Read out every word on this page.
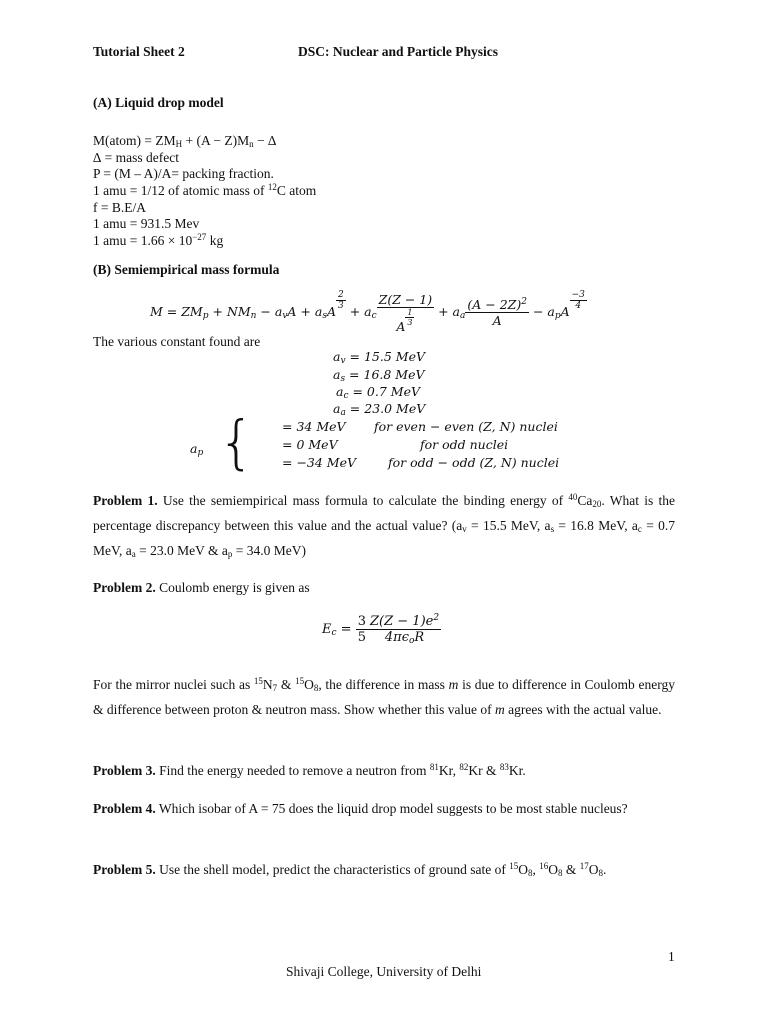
Tutorial Sheet 2	DSC: Nuclear and Particle Physics
(A) Liquid drop model
M(atom) = $ZM_H + (A - Z)M_n$ − ∆
∆ = mass defect
P = (M – A)/A= packing fraction.
1 amu = 1/12 of atomic mass of $^{12}$C atom
f = B.E/A
1 amu = 931.5 Mev
1 amu = $1.66 \times 10^{-27}$ kg
(B) Semiempirical mass formula
$M = ZM_p + NM_n - a_vA + a_sA$
$\frac{2}{3}$
+ $a_c \frac{Z(Z - 1)}{A \frac{1}{3}} + a_a \frac{(A - 2Z)^2}{A} - a_pA$
$\frac{-3}{4}$
The various constant found are
$a_v = 15.5$ MeV
$a_s = 16.8$ MeV
$a_c = 0.7$ MeV
$a_a = 23.0$ MeV
$a_p$ { = 34 MeV for even − even (Z, N) nuclei
= 0 MeV	for odd nuclei
= −34 MeV	for odd − odd (Z, N) nuclei
Problem 1. Use the semiempirical mass formula to calculate the binding energy of $^{40}Ca_{20}$. What is the percentage discrepancy between this value and the actual value? ($a_v = 15.5$ MeV, $a_s = 16.8$ MeV, $a_c = 0.7$ MeV, $a_a = 23.0$ MeV & $a_p = 34.0$ MeV)
Problem 2. Coulomb energy is given as
$E_c = \frac{3}{5} \frac{Z(Z - 1)e^2}{4\pi\epsilon_oR}$
For the mirror nuclei such as $^{15}N_7$ & $^{15}O_8$, the difference in mass m is due to difference in Coulomb energy & difference between proton & neutron mass. Show whether this value of m agrees with the actual value.
Problem 3. Find the energy needed to remove a neutron from $^{81}$Kr, $^{82}$Kr & $^{83}$Kr.
Problem 4. Which isobar of A = 75 does the liquid drop model suggests to be most stable nucleus?
Problem 5. Use the shell model, predict the characteristics of ground sate of $^{15}O_8$, $^{16}O_8$ & $^{17}O_8$.
1
Shivaji College, University of Delhi
